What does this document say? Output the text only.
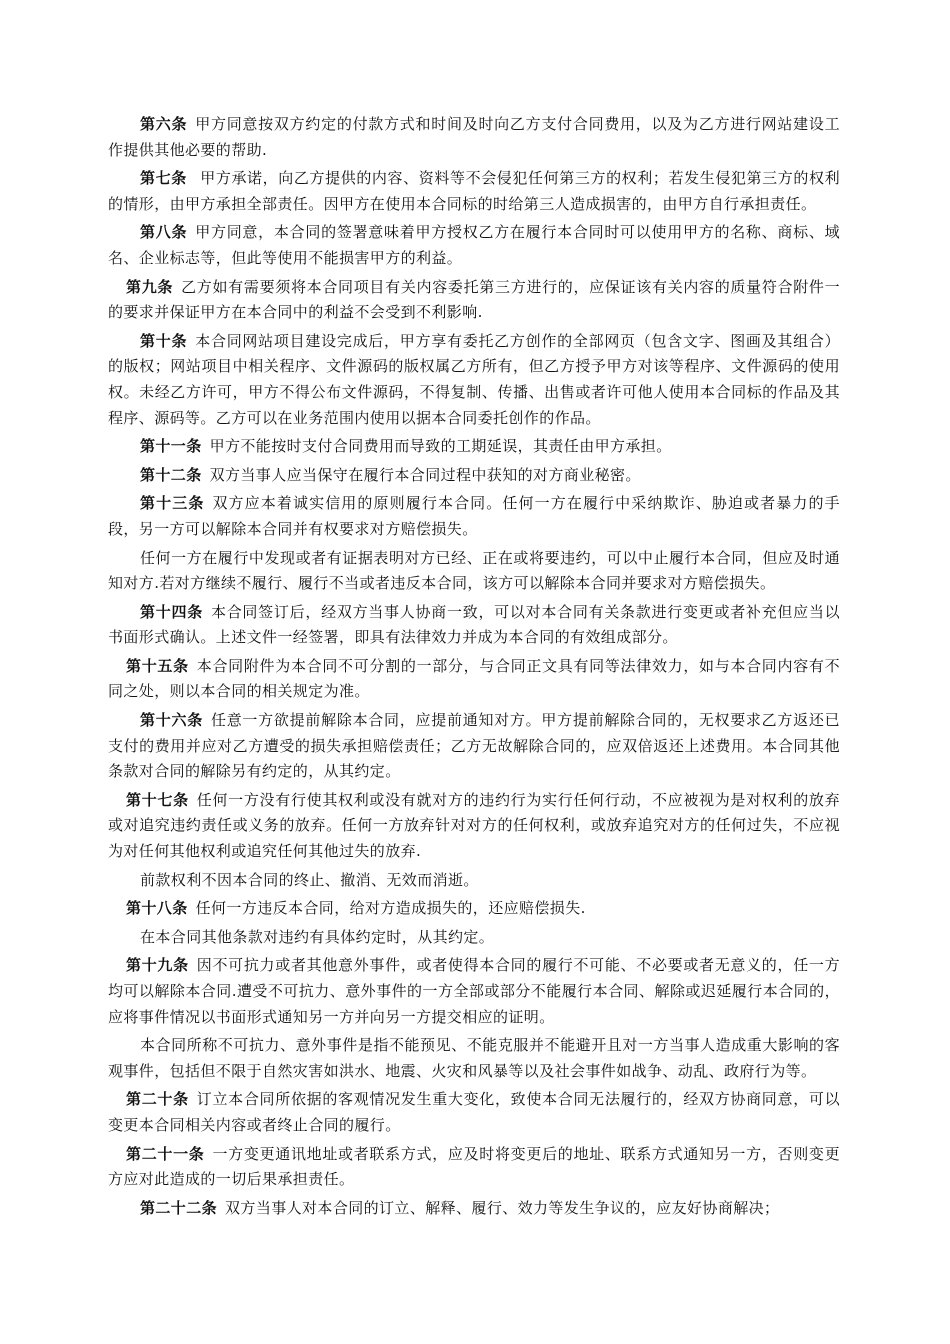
第六条 甲方同意按双方约定的付款方式和时间及时向乙方支付合同费用，以及为乙方进行网站建设工作提供其他必要的帮助.

第七条 甲方承诺，向乙方提供的内容、资料等不会侵犯任何第三方的权利；若发生侵犯第三方的权利的情形，由甲方承担全部责任。因甲方在使用本合同标的时给第三人造成损害的，由甲方自行承担责任。

第八条 甲方同意，本合同的签署意味着甲方授权乙方在履行本合同时可以使用甲方的名称、商标、域名、企业标志等，但此等使用不能损害甲方的利益。

第九条 乙方如有需要须将本合同项目有关内容委托第三方进行的，应保证该有关内容的质量符合附件一的要求并保证甲方在本合同中的利益不会受到不利影响.

第十条 本合同网站项目建设完成后，甲方享有委托乙方创作的全部网页（包含文字、图画及其组合）的版权；网站项目中相关程序、文件源码的版权属乙方所有，但乙方授予甲方对该等程序、文件源码的使用权。未经乙方许可，甲方不得公布文件源码，不得复制、传播、出售或者许可他人使用本合同标的作品及其程序、源码等。乙方可以在业务范围内使用以据本合同委托创作的作品。

第十一条 甲方不能按时支付合同费用而导致的工期延误，其责任由甲方承担。

第十二条 双方当事人应当保守在履行本合同过程中获知的对方商业秘密。

第十三条 双方应本着诚实信用的原则履行本合同。任何一方在履行中采纳欺诈、胁迫或者暴力的手段，另一方可以解除本合同并有权要求对方赔偿损失。

任何一方在履行中发现或者有证据表明对方已经、正在或将要违约，可以中止履行本合同，但应及时通知对方.若对方继续不履行、履行不当或者违反本合同，该方可以解除本合同并要求对方赔偿损失。

第十四条 本合同签订后，经双方当事人协商一致，可以对本合同有关条款进行变更或者补充但应当以书面形式确认。上述文件一经签署，即具有法律效力并成为本合同的有效组成部分。

第十五条 本合同附件为本合同不可分割的一部分，与合同正文具有同等法律效力，如与本合同内容有不同之处，则以本合同的相关规定为准。

第十六条 任意一方欲提前解除本合同，应提前通知对方。甲方提前解除合同的，无权要求乙方返还已支付的费用并应对乙方遭受的损失承担赔偿责任；乙方无故解除合同的，应双倍返还上述费用。本合同其他条款对合同的解除另有约定的，从其约定。

第十七条 任何一方没有行使其权利或没有就对方的违约行为实行任何行动，不应被视为是对权利的放弃或对追究违约责任或义务的放弃。任何一方放弃针对对方的任何权利，或放弃追究对方的任何过失，不应视为对任何其他权利或追究任何其他过失的放弃.

前款权利不因本合同的终止、撤消、无效而消逝。

第十八条 任何一方违反本合同，给对方造成损失的，还应赔偿损失.

在本合同其他条款对违约有具体约定时，从其约定。

第十九条 因不可抗力或者其他意外事件，或者使得本合同的履行不可能、不必要或者无意义的，任一方均可以解除本合同.遭受不可抗力、意外事件的一方全部或部分不能履行本合同、解除或迟延履行本合同的，应将事件情况以书面形式通知另一方并向另一方提交相应的证明。

本合同所称不可抗力、意外事件是指不能预见、不能克服并不能避开且对一方当事人造成重大影响的客观事件，包括但不限于自然灾害如洪水、地震、火灾和风暴等以及社会事件如战争、动乱、政府行为等。

第二十条 订立本合同所依据的客观情况发生重大变化，致使本合同无法履行的，经双方协商同意，可以变更本合同相关内容或者终止合同的履行。

第二十一条 一方变更通讯地址或者联系方式，应及时将变更后的地址、联系方式通知另一方，否则变更方应对此造成的一切后果承担责任。

第二十二条 双方当事人对本合同的订立、解释、履行、效力等发生争议的，应友好协商解决；
